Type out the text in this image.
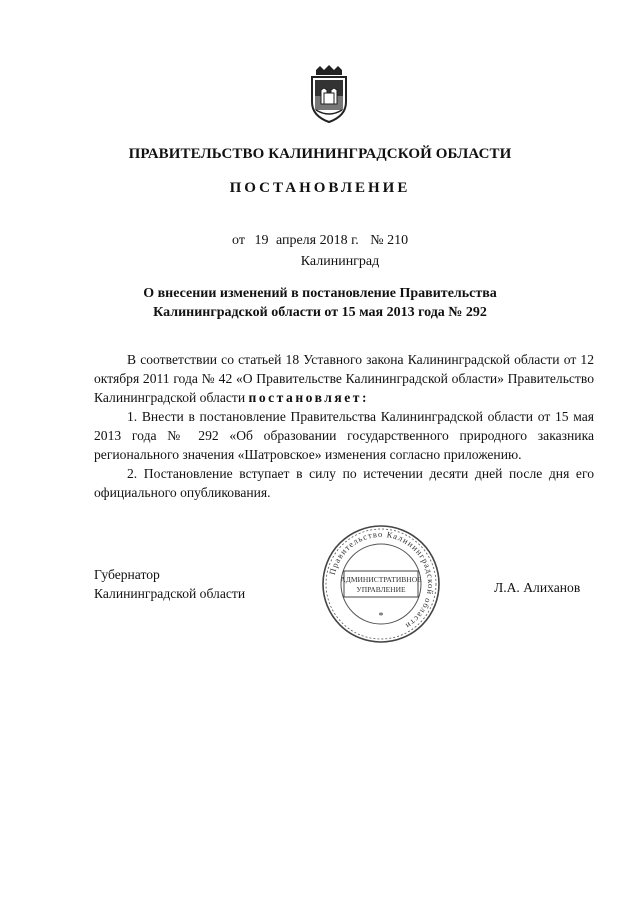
ПРАВИТЕЛЬСТВО КАЛИНИНГРАДСКОЙ ОБЛАСТИ
ПОСТАНОВЛЕНИЕ
от 19 апреля 2018 г. № 210
Калининград
О внесении изменений в постановление Правительства
Калининградской области от 15 мая 2013 года № 292

В соответствии со статьей 18 Уставного закона Калининградской области от 12 октября 2011 года № 42 «О Правительстве Калининградской области» Правительство Калининградской области постановляет:

1. Внести в постановление Правительства Калининградской области от 15 мая 2013 года № 292 «Об образовании государственного природного заказника регионального значения «Шатровское» изменения согласно приложению.

2. Постановление вступает в силу по истечении десяти дней после дня его официального опубликования.

Губернатор
Калининградской области	Л.А. Алиханов
Правительство Калининградской области
АДМИНИСТРАТИВНОЕ
УПРАВЛЕНИЕ
*
